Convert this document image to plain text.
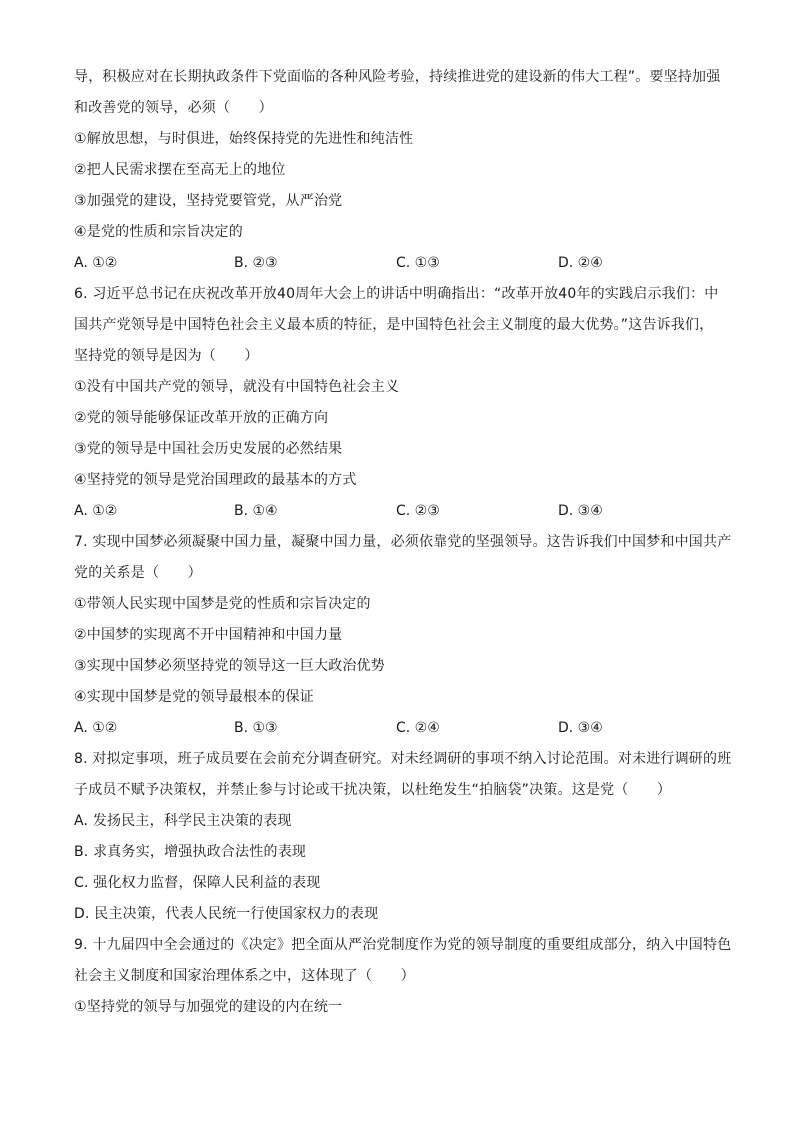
导，积极应对在长期执政条件下党面临的各种风险考验，持续推进党的建设新的伟大工程”。要坚持加强
和改善党的领导，必须（　　）
①解放思想，与时俱进，始终保持党的先进性和纯洁性
②把人民需求摆在至高无上的地位
③加强党的建设，坚持党要管党，从严治党
④是党的性质和宗旨决定的
A. ①②	B. ②③	C. ①③	D. ②④
6. 习近平总书记在庆祝改革开放40周年大会上的讲话中明确指出：“改革开放40年的实践启示我们：中
国共产党领导是中国特色社会主义最本质的特征，是中国特色社会主义制度的最大优势。”这告诉我们，
坚持党的领导是因为（　　）
①没有中国共产党的领导，就没有中国特色社会主义
②党的领导能够保证改革开放的正确方向
③党的领导是中国社会历史发展的必然结果
④坚持党的领导是党治国理政的最基本的方式
A. ①②	B. ①④	C. ②③	D. ③④
7. 实现中国梦必须凝聚中国力量，凝聚中国力量，必须依靠党的坚强领导。这告诉我们中国梦和中国共产
党的关系是（　　）
①带领人民实现中国梦是党的性质和宗旨决定的
②中国梦的实现离不开中国精神和中国力量
③实现中国梦必须坚持党的领导这一巨大政治优势
④实现中国梦是党的领导最根本的保证
A. ①②	B. ①③	C. ②④	D. ③④
8. 对拟定事项，班子成员要在会前充分调查研究。对未经调研的事项不纳入讨论范围。对未进行调研的班
子成员不赋予决策权，并禁止参与讨论或干扰决策，以杜绝发生“拍脑袋”决策。这是党（　　）
A. 发扬民主，科学民主决策的表现
B. 求真务实，增强执政合法性的表现
C. 强化权力监督，保障人民利益的表现
D. 民主决策，代表人民统一行使国家权力的表现
9. 十九届四中全会通过的《决定》把全面从严治党制度作为党的领导制度的重要组成部分，纳入中国特色
社会主义制度和国家治理体系之中，这体现了（　　）
①坚持党的领导与加强党的建设的内在统一
